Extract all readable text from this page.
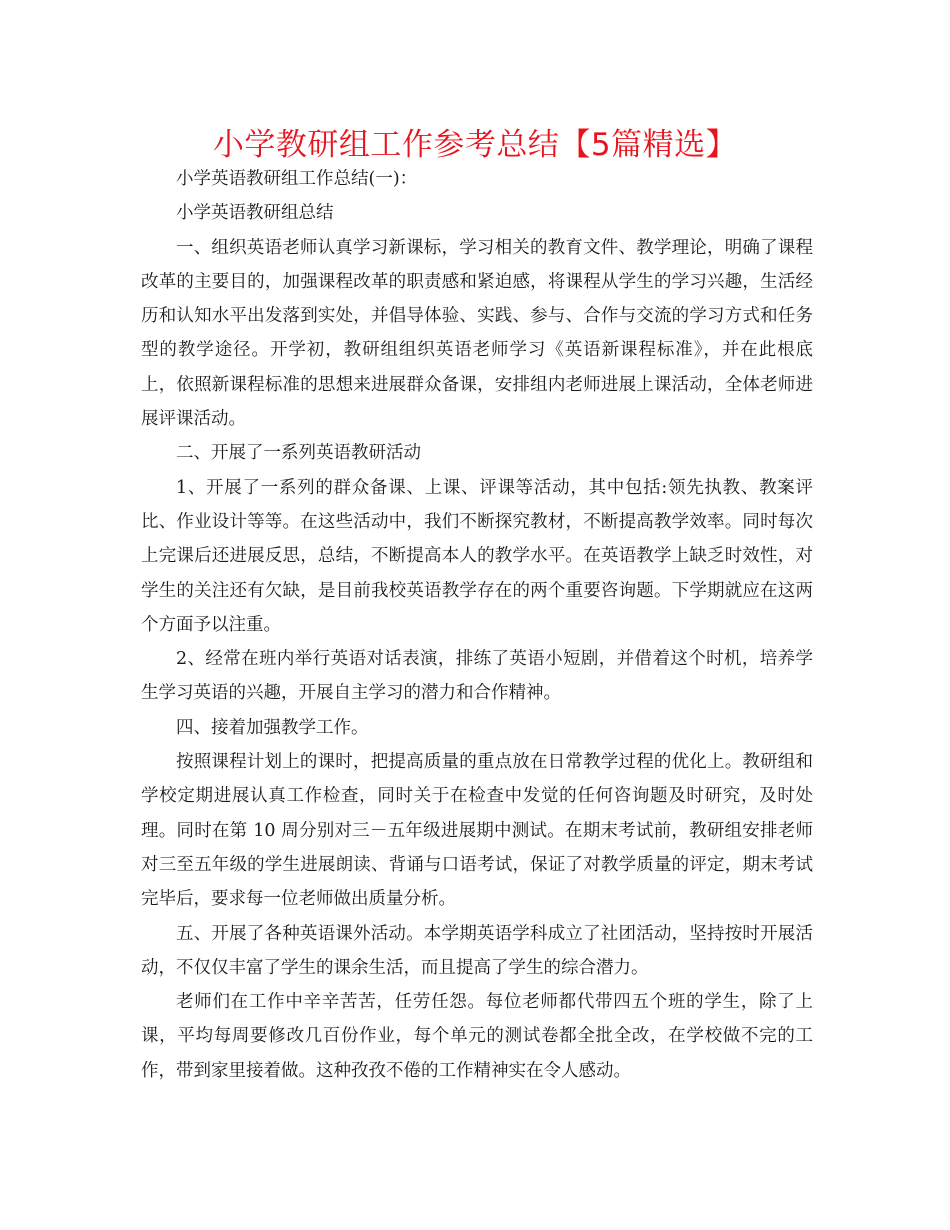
小学教研组工作参考总结【5篇精选】

小学英语教研组工作总结(一)：

小学英语教研组总结

一、组织英语老师认真学习新课标，学习相关的教育文件、教学理论，明确了课程改革的主要目的，加强课程改革的职责感和紧迫感，将课程从学生的学习兴趣，生活经历和认知水平出发落到实处，并倡导体验、实践、参与、合作与交流的学习方式和任务型的教学途径。开学初，教研组组织英语老师学习《英语新课程标准》，并在此根底上，依照新课程标准的思想来进展群众备课，安排组内老师进展上课活动，全体老师进展评课活动。

二、开展了一系列英语教研活动

1、开展了一系列的群众备课、上课、评课等活动，其中包括:领先执教、教案评比、作业设计等等。在这些活动中，我们不断探究教材，不断提高教学效率。同时每次上完课后还进展反思，总结，不断提高本人的教学水平。在英语教学上缺乏时效性，对学生的关注还有欠缺，是目前我校英语教学存在的两个重要咨询题。下学期就应在这两个方面予以注重。

2、经常在班内举行英语对话表演，排练了英语小短剧，并借着这个时机，培养学生学习英语的兴趣，开展自主学习的潜力和合作精神。

四、接着加强教学工作。

按照课程计划上的课时，把提高质量的重点放在日常教学过程的优化上。教研组和学校定期进展认真工作检查，同时关于在检查中发觉的任何咨询题及时研究，及时处理。同时在第 10 周分别对三－五年级进展期中测试。在期末考试前，教研组安排老师对三至五年级的学生进展朗读、背诵与口语考试，保证了对教学质量的评定，期末考试完毕后，要求每一位老师做出质量分析。

五、开展了各种英语课外活动。本学期英语学科成立了社团活动，坚持按时开展活动，不仅仅丰富了学生的课余生活，而且提高了学生的综合潜力。

老师们在工作中辛辛苦苦，任劳任怨。每位老师都代带四五个班的学生，除了上课，平均每周要修改几百份作业，每个单元的测试卷都全批全改，在学校做不完的工作，带到家里接着做。这种孜孜不倦的工作精神实在令人感动。
